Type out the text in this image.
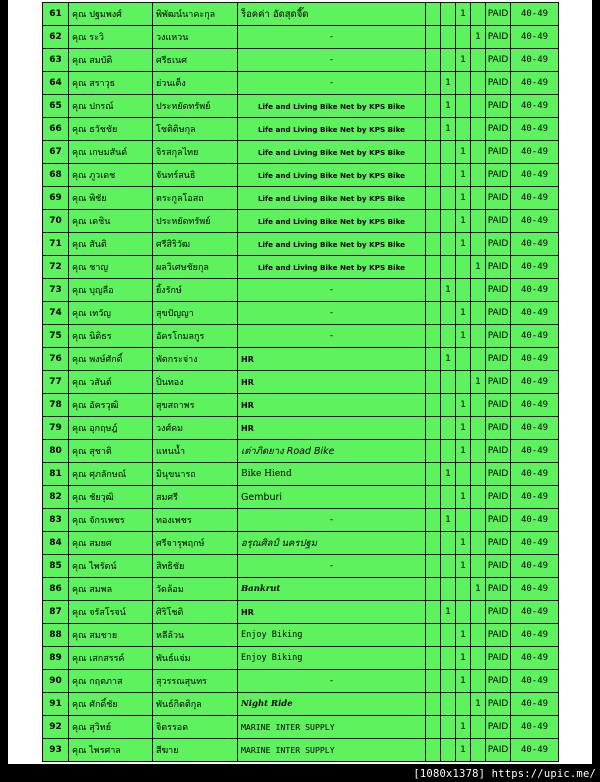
61	คุณ ปฐมพงศ์	พิพัฒน์นาคะกุล	ร็อคค่า อัดสุดจี๊ด			1		PAID	40-49
62	คุณ ระวิ	วงแหวน	-				1	PAID	40-49
63	คุณ สมบัติ	ศรีธเนศ	-			1		PAID	40-49
64	คุณ สราวุธ	ย่วนเต็ง	-		1			PAID	40-49
65	คุณ ปกรณ์	ประหยัดทรัพย์	Life and Living Bike Net by KPS Bike		1			PAID	40-49
66	คุณ ธวัชชัย	โชติติษกุล	Life and Living Bike Net by KPS Bike		1			PAID	40-49
67	คุณ เกษมสันต์	จิรสกุลไทย	Life and Living Bike Net by KPS Bike			1		PAID	40-49
68	คุณ ภูวเดช	จันทร์สนธิ	Life and Living Bike Net by KPS Bike			1		PAID	40-49
69	คุณ พิชัย	ตระกูลโอสถ	Life and Living Bike Net by KPS Bike			1		PAID	40-49
70	คุณ เดชิน	ประหยัดทรัพย์	Life and Living Bike Net by KPS Bike			1		PAID	40-49
71	คุณ สันติ	ศรีสิริวัฒ	Life and Living Bike Net by KPS Bike			1		PAID	40-49
72	คุณ ชาญ	ผลวิเศษชัยกุล	Life and Living Bike Net by KPS Bike				1	PAID	40-49
73	คุณ บุญลือ	ยิ้งรักษ์	-		1			PAID	40-49
74	คุณ เทวัญ	สุขปัญญา	-			1		PAID	40-49
75	คุณ นิติธร	อัครโกมลกูร	-			1		PAID	40-49
76	คุณ พงษ์ศักดิ์	พัดกระจ่าง	HR		1			PAID	40-49
77	คุณ วสันต์	ปิ่นทอง	HR				1	PAID	40-49
78	คุณ อัครวุฒิ	สุขสถาพร	HR			1		PAID	40-49
79	คุณ อุกฤษฎ์	วงศ์คม	HR			1		PAID	40-49
80	คุณ สุชาติ	แหนน้ำ	เต่าภิดยาง Road Bike			1		PAID	40-49
81	คุณ ศุภลักษณ์	มินุขนารถ	Bike Hiend		1			PAID	40-49
82	คุณ ชัยวุฒิ	สมศรี	Gemburi			1		PAID	40-49
83	คุณ จักรเพชร	ทองเพชร	-		1			PAID	40-49
84	คุณ สมยศ	ศรีจารุพฤกษ์	อรุณศิลป์ นครปฐม			1		PAID	40-49
85	คุณ ไพรัตน์	สิทธิชัย	-			1		PAID	40-49
86	คุณ สมพล	วัดล้อม	Bankrut				1	PAID	40-49
87	คุณ จรัสโรจน์	ศิริโชติ	HR		1			PAID	40-49
88	คุณ สมชาย	หลีล้วน	Enjoy Biking			1		PAID	40-49
89	คุณ เสกสรรค์	พันธ์แจ่ม	Enjoy Biking			1		PAID	40-49
90	คุณ กฤตภาส	สุวรรณสุนทร	-			1		PAID	40-49
91	คุณ ศักดิ์ชัย	พันธ์กิตติกุล	Night Ride				1	PAID	40-49
92	คุณ สุวิทย์	จิตรรอด	MARINE INTER SUPPLY			1		PAID	40-49
93	คุณ ไพรศาล	สีฆาย	MARINE INTER SUPPLY			1		PAID	40-49
[1080x1378] https://upic.me/
